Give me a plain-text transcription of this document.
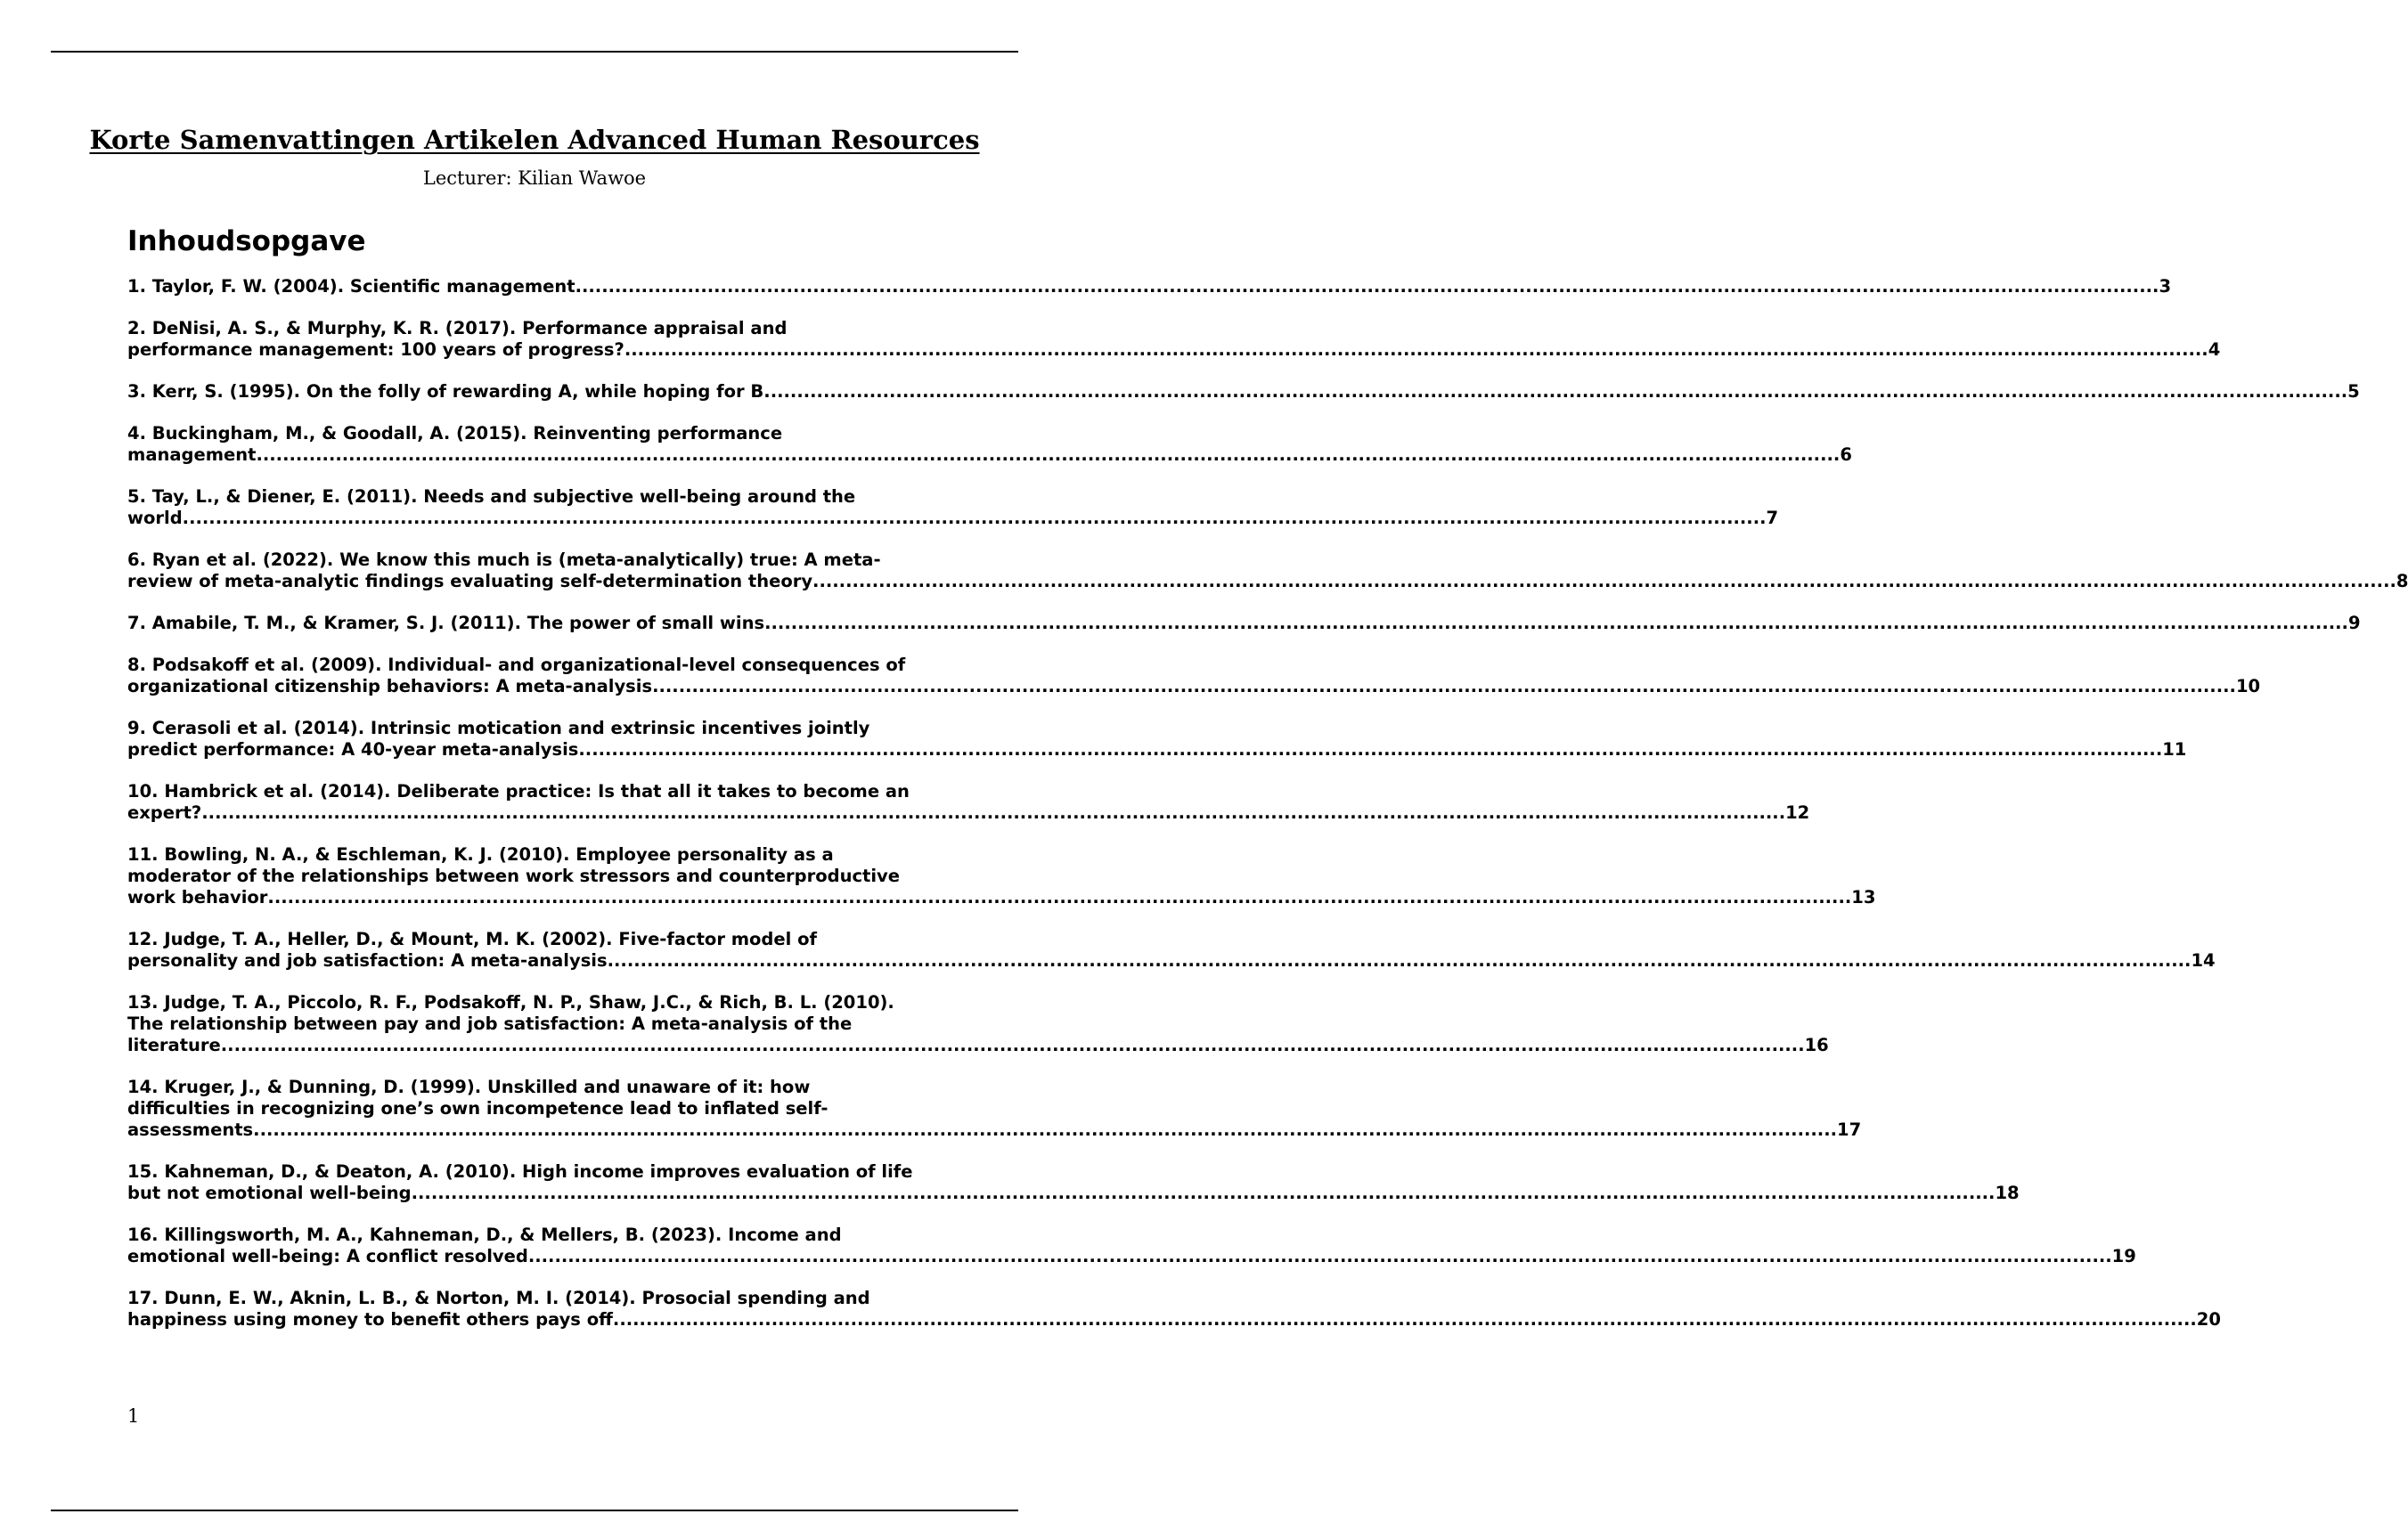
Korte Samenvattingen Artikelen Advanced Human Resources

Lecturer: Kilian Wawoe

Inhoudsopgave
1. Taylor, F. W. (2004). Scientific management .....	3
2. DeNisi, A. S., & Murphy, K. R. (2017). Performance appraisal and
performance management: 100 years of progress? .....	4
3. Kerr, S. (1995). On the folly of rewarding A, while hoping for B .....	5
4. Buckingham, M., & Goodall, A. (2015). Reinventing performance
management .....	6
5. Tay, L., & Diener, E. (2011). Needs and subjective well-being around the
world .....	7
6. Ryan et al. (2022). We know this much is (meta-analytically) true: A meta-
review of meta-analytic findings evaluating self-determination theory .....	8
7. Amabile, T. M., & Kramer, S. J. (2011). The power of small wins .....	9
8. Podsakoff et al. (2009). Individual- and organizational-level consequences of
organizational citizenship behaviors: A meta-analysis .....	10
9. Cerasoli et al. (2014). Intrinsic motication and extrinsic incentives jointly
predict performance: A 40-year meta-analysis .....	11
10. Hambrick et al. (2014). Deliberate practice: Is that all it takes to become an
expert? .....	12
11. Bowling, N. A., & Eschleman, K. J. (2010). Employee personality as a
moderator of the relationships between work stressors and counterproductive
work behavior .....	13
12. Judge, T. A., Heller, D., & Mount, M. K. (2002). Five-factor model of
personality and job satisfaction: A meta-analysis .....	14
13. Judge, T. A., Piccolo, R. F., Podsakoff, N. P., Shaw, J.C., & Rich, B. L. (2010).
The relationship between pay and job satisfaction: A meta-analysis of the
literature .....	16
14. Kruger, J., & Dunning, D. (1999). Unskilled and unaware of it: how
difficulties in recognizing one’s own incompetence lead to inflated self-
assessments .....	17
15. Kahneman, D., & Deaton, A. (2010). High income improves evaluation of life
but not emotional well-being .....	18
16. Killingsworth, M. A., Kahneman, D., & Mellers, B. (2023). Income and
emotional well-being: A conflict resolved .....	19
17. Dunn, E. W., Aknin, L. B., & Norton, M. I. (2014). Prosocial spending and
happiness using money to benefit others pays off .....	20

1
